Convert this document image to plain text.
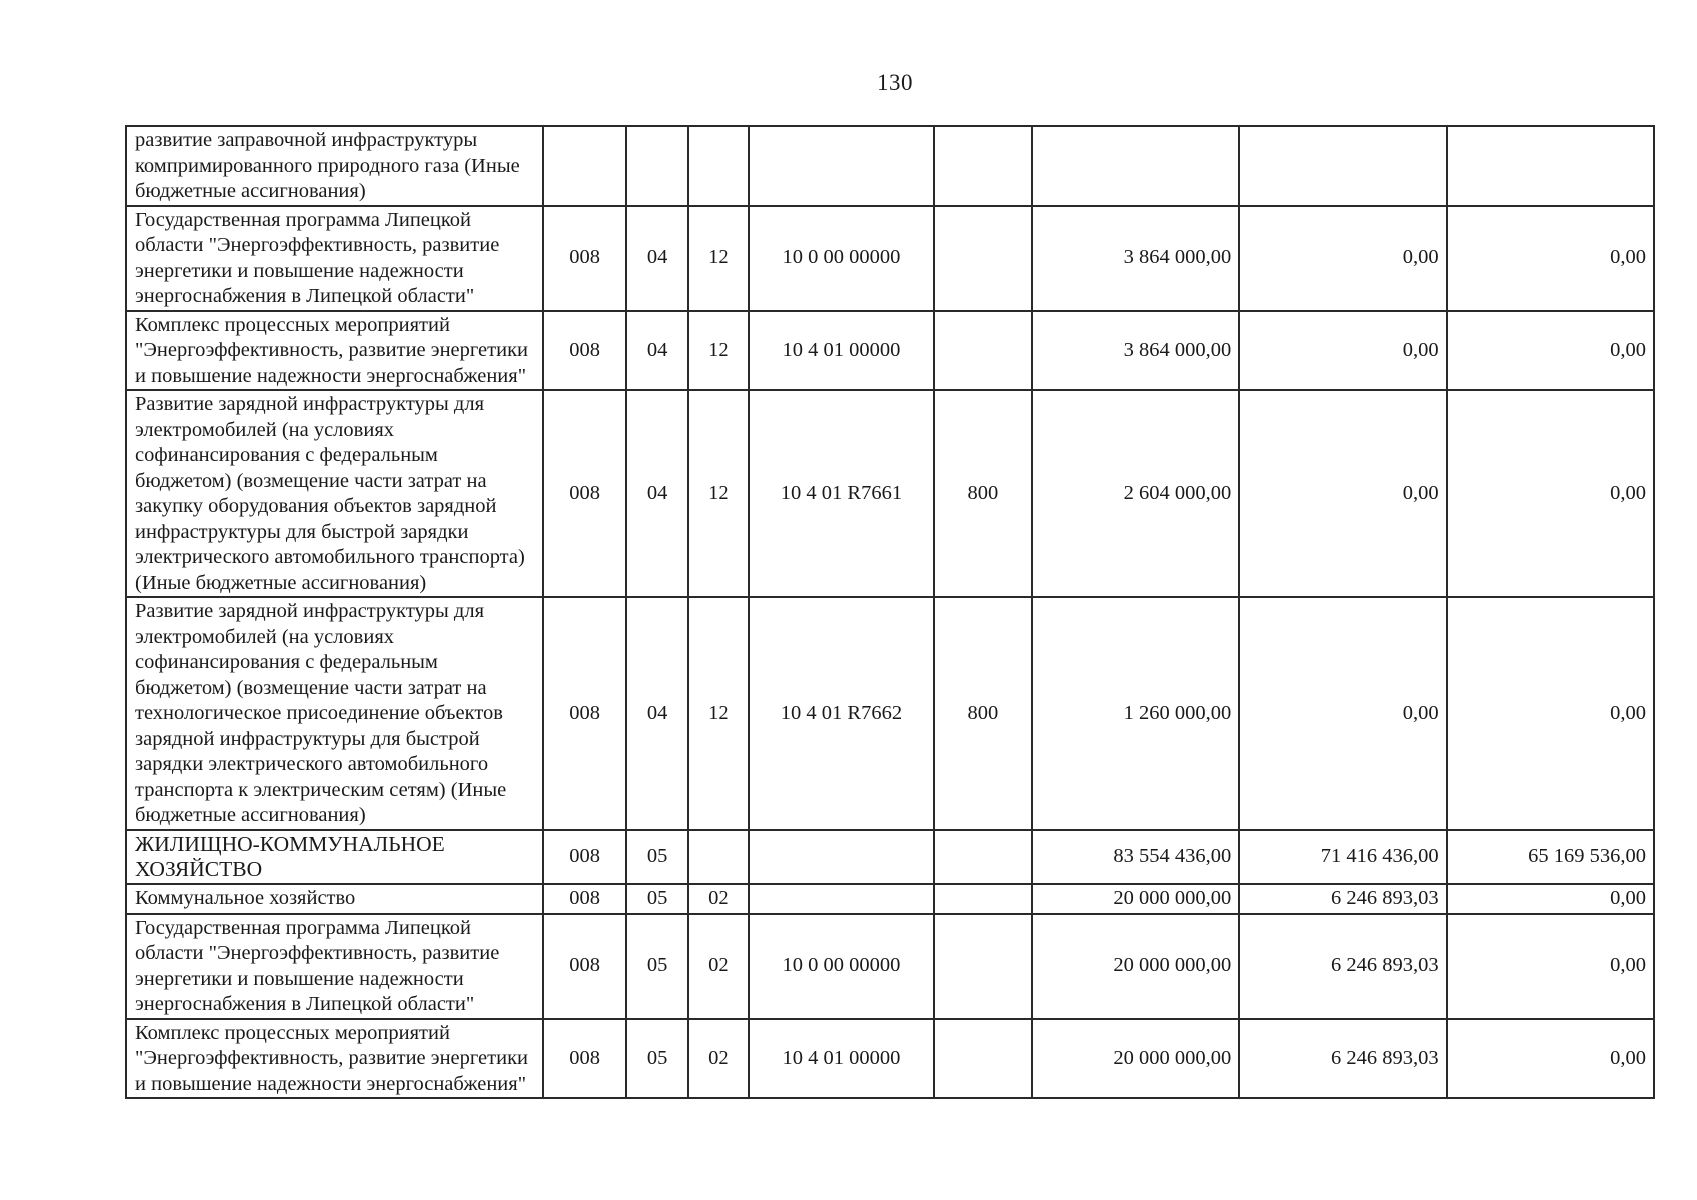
130
развитие заправочной инфраструктуры компримированного природного газа (Иные бюджетные ассигнования)								
Государственная программа Липецкой области "Энергоэффективность, развитие энергетики и повышение надежности энергоснабжения в Липецкой области"	008	04	12	10 0 00 00000		3 864 000,00	0,00	0,00
Комплекс процессных мероприятий "Энергоэффективность, развитие энергетики и повышение надежности энергоснабжения"	008	04	12	10 4 01 00000		3 864 000,00	0,00	0,00
Развитие зарядной инфраструктуры для электромобилей (на условиях софинансирования с федеральным бюджетом) (возмещение части затрат на закупку оборудования объектов зарядной инфраструктуры для быстрой зарядки электрического автомобильного транспорта) (Иные бюджетные ассигнования)	008	04	12	10 4 01 R7661	800	2 604 000,00	0,00	0,00
Развитие зарядной инфраструктуры для электромобилей (на условиях софинансирования с федеральным бюджетом) (возмещение части затрат на технологическое присоединение объектов зарядной инфраструктуры для быстрой зарядки электрического автомобильного транспорта к электрическим сетям) (Иные бюджетные ассигнования)	008	04	12	10 4 01 R7662	800	1 260 000,00	0,00	0,00
ЖИЛИЩНО-КОММУНАЛЬНОЕ ХОЗЯЙСТВО	008	05				83 554 436,00	71 416 436,00	65 169 536,00
Коммунальное хозяйство	008	05	02			20 000 000,00	6 246 893,03	0,00
Государственная программа Липецкой области "Энергоэффективность, развитие энергетики и повышение надежности энергоснабжения в Липецкой области"	008	05	02	10 0 00 00000		20 000 000,00	6 246 893,03	0,00
Комплекс процессных мероприятий "Энергоэффективность, развитие энергетики и повышение надежности энергоснабжения"	008	05	02	10 4 01 00000		20 000 000,00	6 246 893,03	0,00
